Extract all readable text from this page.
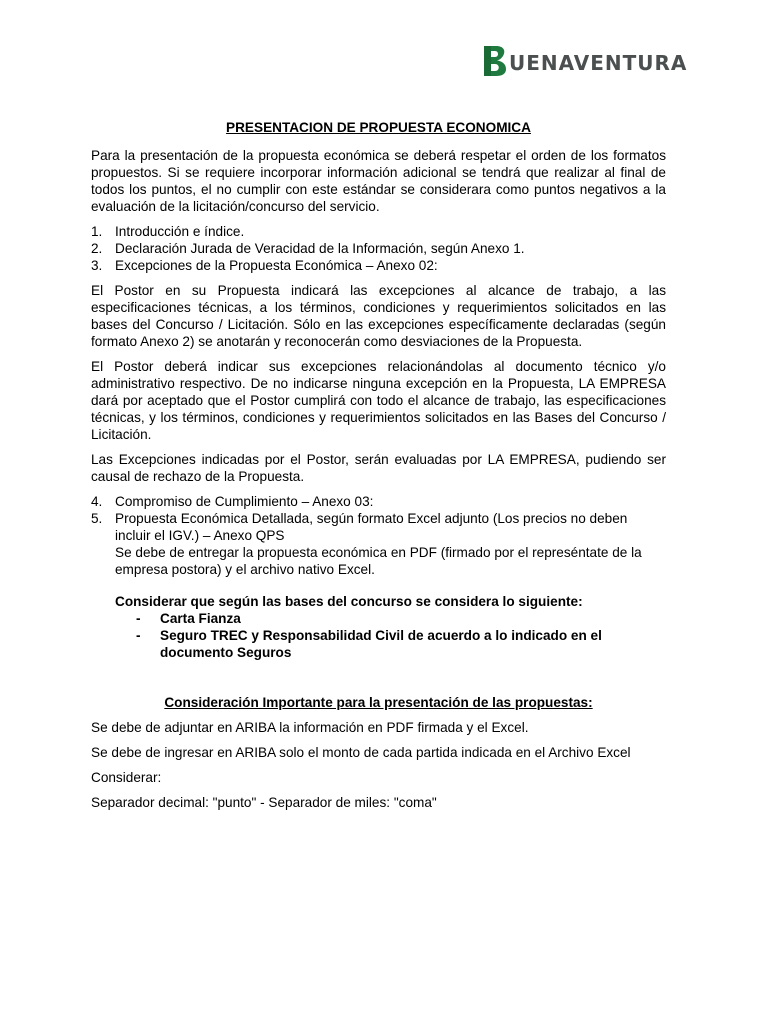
UENAVENTURA
PRESENTACION DE PROPUESTA ECONOMICA
Para la presentación de la propuesta económica se deberá respetar el orden de los formatos propuestos. Si se requiere incorporar información adicional se tendrá que realizar al final de todos los puntos, el no cumplir con este estándar se considerara como puntos negativos a la evaluación de la licitación/concurso del servicio.
1. Introducción e índice.
2. Declaración Jurada de Veracidad de la Información, según Anexo 1.
3. Excepciones de la Propuesta Económica – Anexo 02:
El Postor en su Propuesta indicará las excepciones al alcance de trabajo, a las especificaciones técnicas, a los términos, condiciones y requerimientos solicitados en las bases del Concurso / Licitación. Sólo en las excepciones específicamente declaradas (según formato Anexo 2) se anotarán y reconocerán como desviaciones de la Propuesta.
El Postor deberá indicar sus excepciones relacionándolas al documento técnico y/o administrativo respectivo. De no indicarse ninguna excepción en la Propuesta, LA EMPRESA dará por aceptado que el Postor cumplirá con todo el alcance de trabajo, las especificaciones técnicas, y los términos, condiciones y requerimientos solicitados en las Bases del Concurso / Licitación.
Las Excepciones indicadas por el Postor, serán evaluadas por LA EMPRESA, pudiendo ser causal de rechazo de la Propuesta.
4. Compromiso de Cumplimiento – Anexo 03:
5. Propuesta Económica Detallada, según formato Excel adjunto (Los precios no deben incluir el IGV.) – Anexo QPS
Se debe de entregar la propuesta económica en PDF (firmado por el represéntate de la empresa postora) y el archivo nativo Excel.
Considerar que según las bases del concurso se considera lo siguiente:
-	Carta Fianza
-	Seguro TREC y Responsabilidad Civil de acuerdo a lo indicado en el documento Seguros
Consideración Importante para la presentación de las propuestas:
Se debe de adjuntar en ARIBA la información en PDF firmada y el Excel.
Se debe de ingresar en ARIBA solo el monto de cada partida indicada en el Archivo Excel
Considerar:
Separador decimal: "punto" - Separador de miles: "coma"
